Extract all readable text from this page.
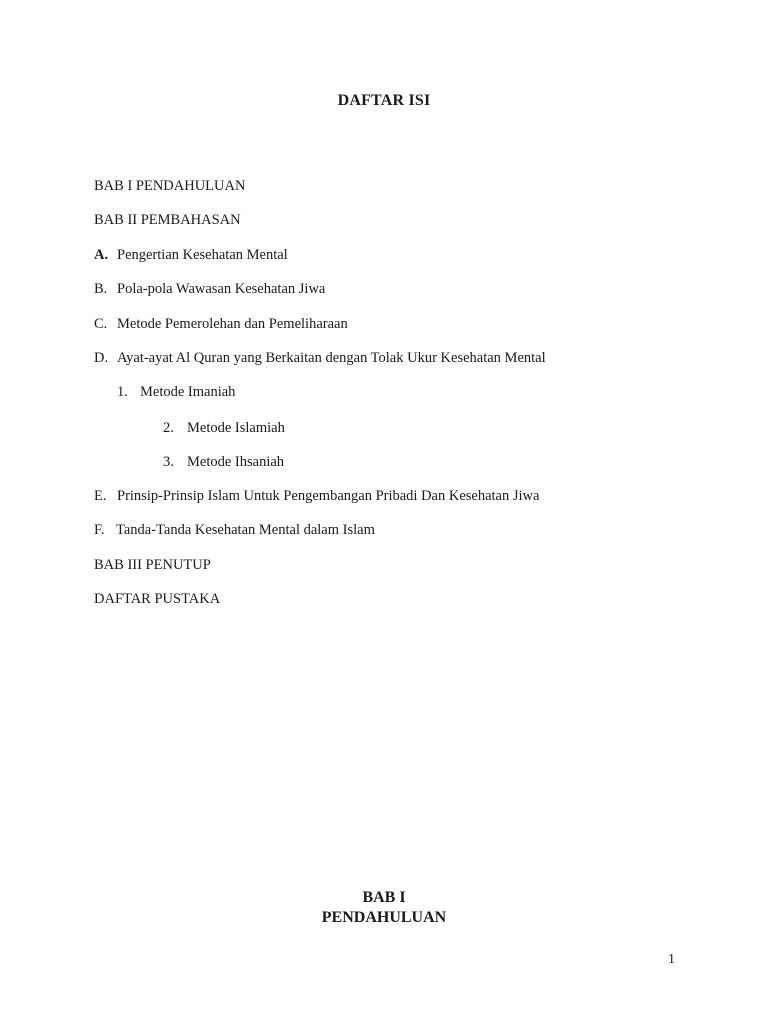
DAFTAR ISI
BAB I PENDAHULUAN
BAB II PEMBAHASAN
A. Pengertian Kesehatan Mental
B. Pola-pola Wawasan Kesehatan Jiwa
C. Metode Pemerolehan dan Pemeliharaan
D. Ayat-ayat Al Quran yang Berkaitan dengan Tolak Ukur Kesehatan Mental
1. Metode Imaniah
2. Metode Islamiah
3. Metode Ihsaniah
E. Prinsip-Prinsip Islam Untuk Pengembangan Pribadi Dan Kesehatan Jiwa
F. Tanda-Tanda Kesehatan Mental dalam Islam
BAB III PENUTUP
DAFTAR PUSTAKA
BAB I
PENDAHULUAN
1
